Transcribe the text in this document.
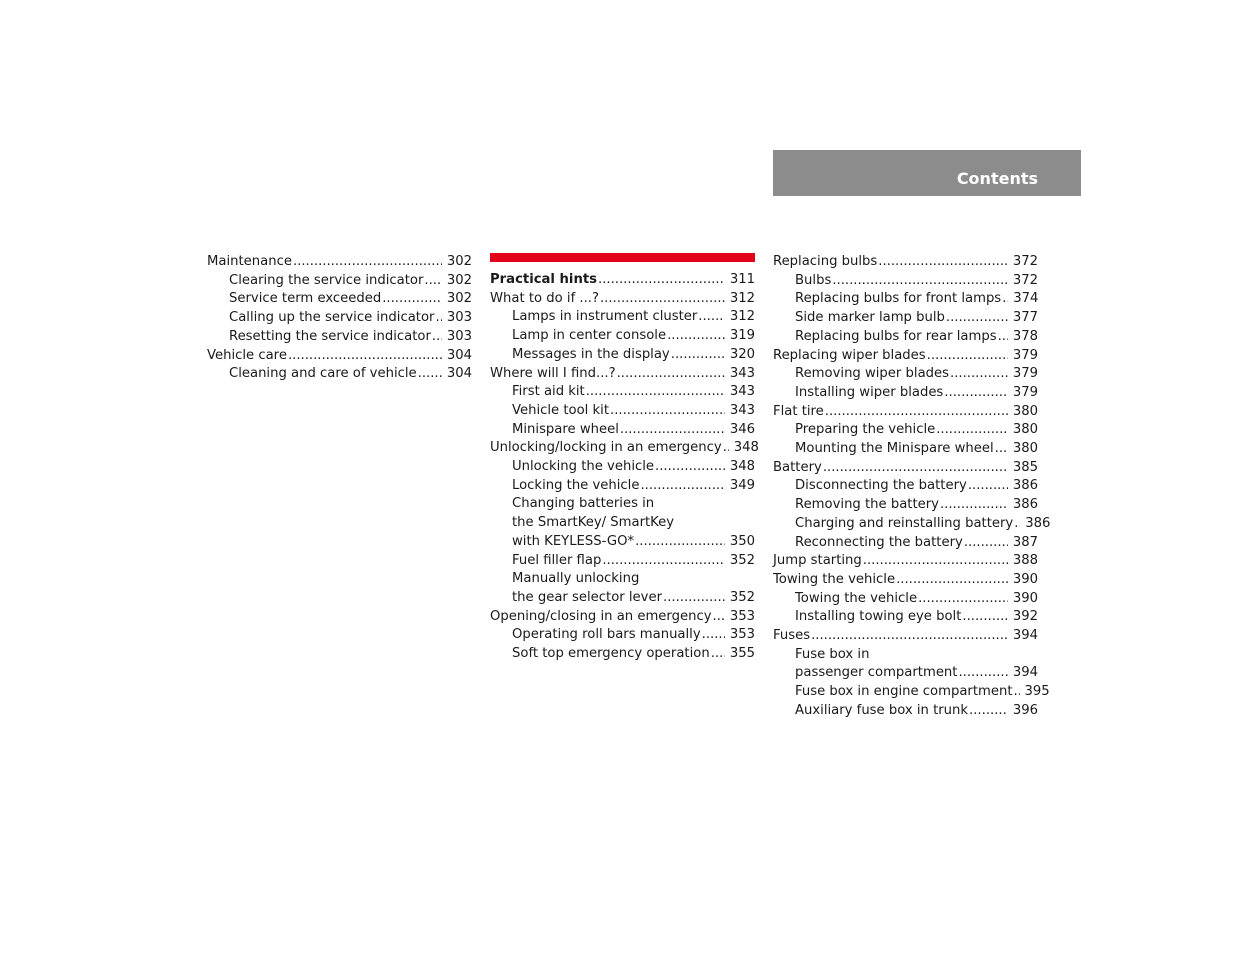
Contents
Maintenance .....	302
Clearing the service indicator .....	302
Service term exceeded .....	302
Calling up the service indicator ..... 303
Resetting the service indicator .....	303
Vehicle care .....	304
Cleaning and care of vehicle .....	304
Practical hints .....	311
What to do if ...? .....	312
Lamps in instrument cluster .....	312
Lamp in center console .....	319
Messages in the display .....	320
Where will I find...? .....	343
First aid kit .....	343
Vehicle tool kit .....	343
Minispare wheel .....	346
Unlocking/locking in an emergency ..... 348
Unlocking the vehicle .....	348
Locking the vehicle .....	349
Changing batteries in
the SmartKey/ SmartKey
with KEYLESS-GO* .....	350
Fuel filler flap .....	352
Manually unlocking
the gear selector lever .....	352
Opening/closing in an emergency .....	353
Operating roll bars manually .....	353
Soft top emergency operation .....	355
Replacing bulbs .....	372
Bulbs .....	372
Replacing bulbs for front lamps ..... 374
Side marker lamp bulb .....	377
Replacing bulbs for rear lamps .....	378
Replacing wiper blades .....	379
Removing wiper blades .....	379
Installing wiper blades .....	379
Flat tire .....	380
Preparing the vehicle .....	380
Mounting the Minispare wheel .....	380
Battery .....	385
Disconnecting the battery .....	386
Removing the battery .....	386
Charging and reinstalling battery ..... 386
Reconnecting the battery .....	387
Jump starting .....	388
Towing the vehicle .....	390
Towing the vehicle .....	390
Installing towing eye bolt .....	392
Fuses .....	394
Fuse box in
passenger compartment .....	394
Fuse box in engine compartment ..... 395
Auxiliary fuse box in trunk .....	396
